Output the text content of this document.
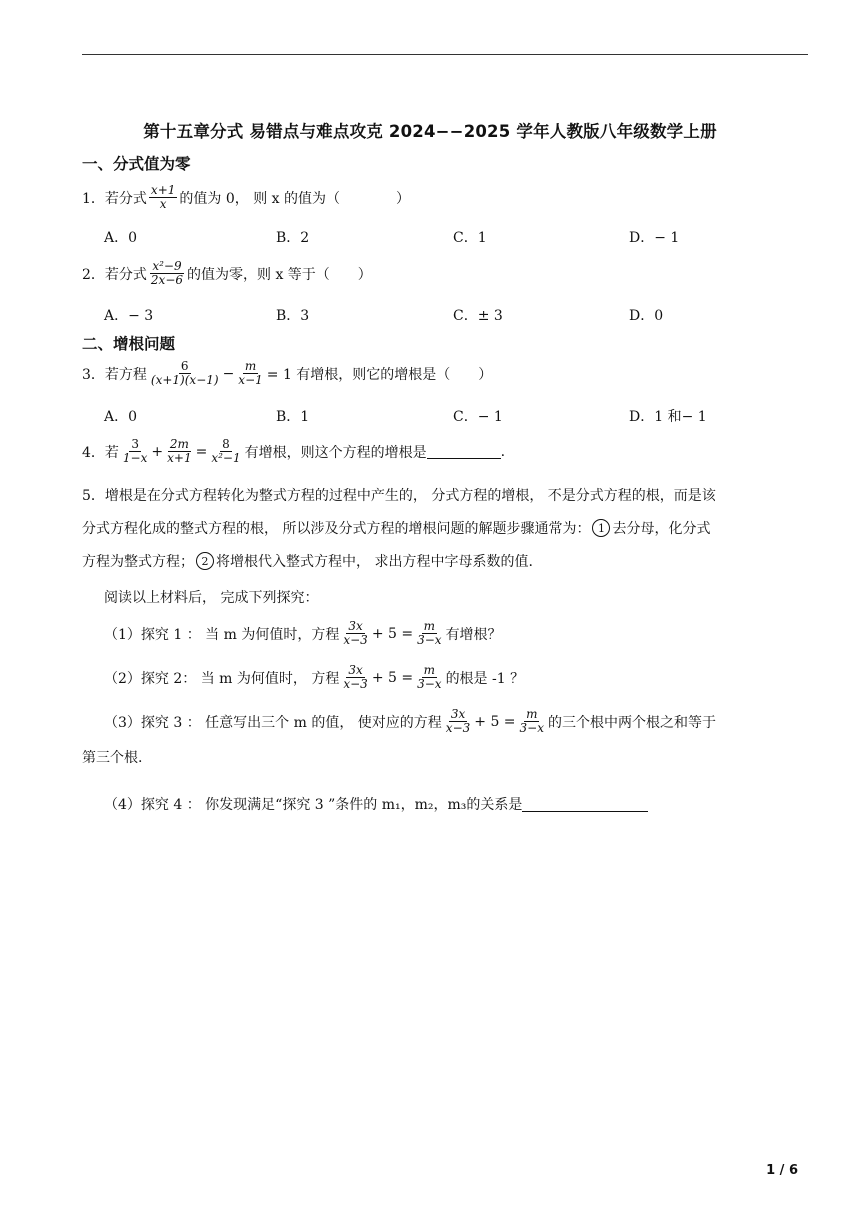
第十五章分式 易错点与难点攻克 2024−−2025 学年人教版八年级数学上册
一、分式值为零
1．若分式 $\frac{x+1}{x}$ 的值为 0， 则 x 的值为（　　　　）
A．0	B．2	C．1	D．− 1
2．若分式 $\frac{\text{x²−9}}{2x-6}$ 的值为零，则 x 等于（　　）
A．− 3	B．3	C．± 3	D．0
二、增根问题
3．若方程 $\frac{6}{(x+1)(x-1)} - \frac{m}{x-1} = 1$ 有增根，则它的增根是（　　）
A．0	B．1	C．− 1	D．1 和− 1
4．若 $\frac{3}{1-x} + \frac{2m}{x+1} = \frac{8}{\text{x²−1}}$ 有增根，则这个方程的增根是	.
5．增根是在分式方程转化为整式方程的过程中产生的， 分式方程的增根， 不是分式方程的根，而是该
分式方程化成的整式方程的根， 所以涉及分式方程的增根问题的解题步骤通常为： 1 去分母，化分式
方程为整式方程； 2 将增根代入整式方程中， 求出方程中字母系数的值.
阅读以上材料后， 完成下列探究：
（1）探究 1 ： 当 m 为何值时，方程 $\frac{3x}{x-3} + 5 = \frac{m}{3-x}$ 有增根？
（2）探究 2： 当 m 为何值时， 方程 $\frac{3x}{x-3} + 5 = \frac{m}{3-x}$ 的根是 -1 ？
（3）探究 3 ： 任意写出三个 m 的值， 使对应的方程 $\frac{3x}{x-3} + 5 = \frac{m}{3-x}$ 的三个根中两个根之和等于
第三个根.
（4）探究 4 ： 你发现满足“探究 3 ”条件的 m₁，m₂，m₃的关系是
1 / 6
